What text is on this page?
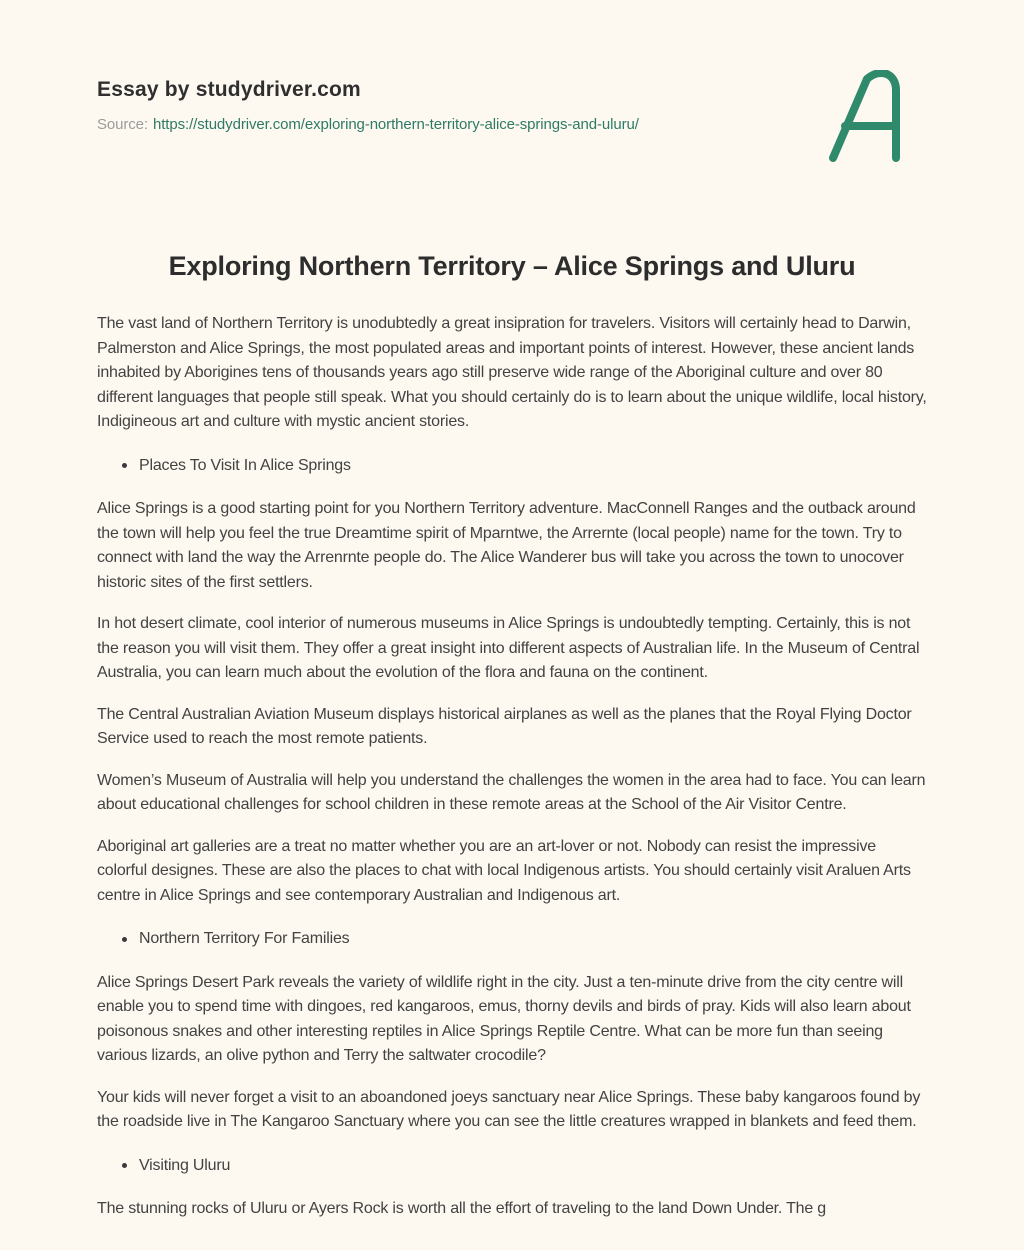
Essay by studydriver.com
Source: https://studydriver.com/exploring-northern-territory-alice-springs-and-uluru/
Exploring Northern Territory – Alice Springs and Uluru

The vast land of Northern Territory is unodubtedly a great insipration for travelers. Visitors will certainly head to Darwin, Palmerston and Alice Springs, the most populated areas and important points of interest. However, these ancient lands inhabited by Aborigines tens of thousands years ago still preserve wide range of the Aboriginal culture and over 80 different languages that people still speak. What you should certainly do is to learn about the unique wildlife, local history, Indigineous art and culture with mystic ancient stories.

Places To Visit In Alice Springs

Alice Springs is a good starting point for you Northern Territory adventure. MacConnell Ranges and the outback around the town will help you feel the true Dreamtime spirit of Mparntwe, the Arrernte (local people) name for the town. Try to connect with land the way the Arrenrnte people do. The Alice Wanderer bus will take you across the town to unocover historic sites of the first settlers.

In hot desert climate, cool interior of numerous museums in Alice Springs is undoubtedly tempting. Certainly, this is not the reason you will visit them. They offer a great insight into different aspects of Australian life. In the Museum of Central Australia, you can learn much about the evolution of the flora and fauna on the continent.

The Central Australian Aviation Museum displays historical airplanes as well as the planes that the Royal Flying Doctor Service used to reach the most remote patients.

Women’s Museum of Australia will help you understand the challenges the women in the area had to face. You can learn about educational challenges for school children in these remote areas at the School of the Air Visitor Centre.

Aboriginal art galleries are a treat no matter whether you are an art-lover or not. Nobody can resist the impressive colorful designes. These are also the places to chat with local Indigenous artists. You should certainly visit Araluen Arts centre in Alice Springs and see contemporary Australian and Indigenous art.

Northern Territory For Families

Alice Springs Desert Park reveals the variety of wildlife right in the city. Just a ten-minute drive from the city centre will enable you to spend time with dingoes, red kangaroos, emus, thorny devils and birds of pray. Kids will also learn about poisonous snakes and other interesting reptiles in Alice Springs Reptile Centre. What can be more fun than seeing various lizards, an olive python and Terry the saltwater crocodile?

Your kids will never forget a visit to an aboandoned joeys sanctuary near Alice Springs. These baby kangaroos found by the roadside live in The Kangaroo Sanctuary where you can see the little creatures wrapped in blankets and feed them.

Visiting Uluru

The stunning rocks of Uluru or Ayers Rock is worth all the effort of traveling to the land Down Under. The g
